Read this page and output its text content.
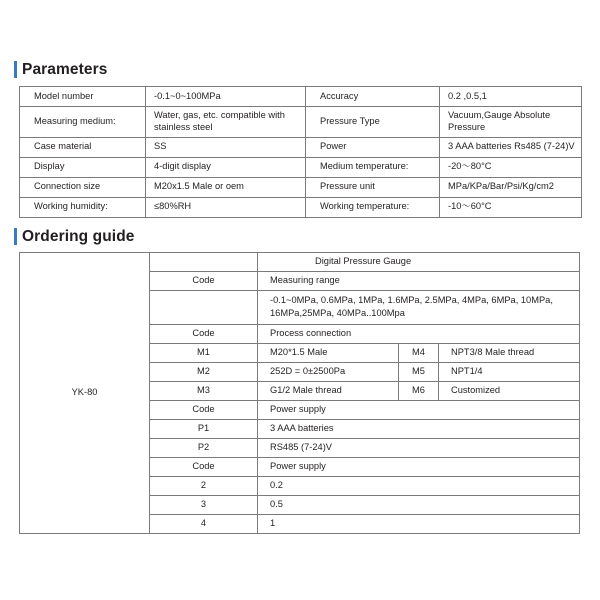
Parameters
Model number	-0.1~0~100MPa	Accuracy	0.2 ,0.5,1
Measuring medium:	Water, gas, etc. compatible with stainless steel	Pressure Type	Vacuum,Gauge Absolute Pressure
Case material	SS	Power	3 AAA batteries Rs485 (7-24)V
Display	4-digit display	Medium temperature:	-20～80°C
Connection size	M20x1.5 Male or oem	Pressure unit	MPa/KPa/Bar/Psi/Kg/cm2
Working humidity:	≤80%RH	Working temperature:	-10～60°C
Ordering guide
YK-80		Digital Pressure Gauge		
	Code	Measuring range		
		-0.1~0MPa, 0.6MPa, 1MPa, 1.6MPa, 2.5MPa, 4MPa, 6MPa, 10MPa, 16MPa,25MPa, 40MPa..100Mpa		
	Code	Process connection		
	M1	M20*1.5 Male	M4	NPT3/8 Male thread
	M2	252D = 0±2500Pa	M5	NPT1/4
	M3	G1/2 Male thread	M6	Customized
	Code	Power supply		
	P1	3 AAA batteries		
	P2	RS485 (7-24)V		
	Code	Power supply		
	2	0.2		
	3	0.5		
	4	1		
